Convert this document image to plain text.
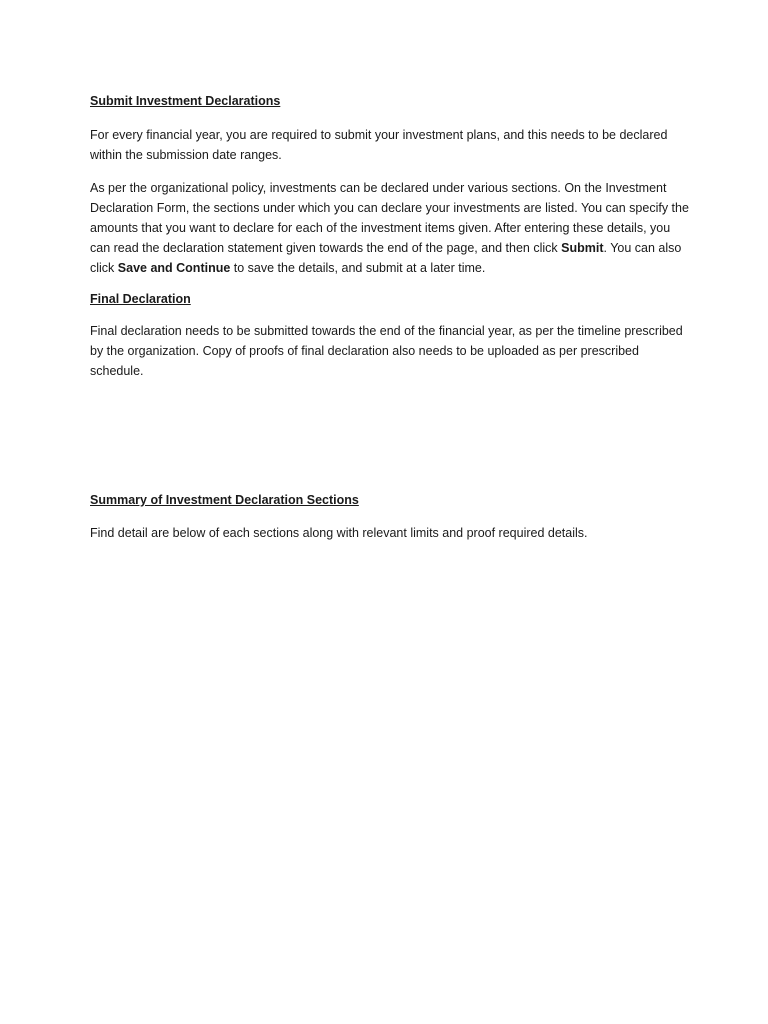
Submit Investment Declarations

For every financial year, you are required to submit your investment plans, and this needs to be declared within the submission date ranges.

As per the organizational policy, investments can be declared under various sections. On the Investment Declaration Form, the sections under which you can declare your investments are listed. You can specify the amounts that you want to declare for each of the investment items given. After entering these details, you can read the declaration statement given towards the end of the page, and then click Submit. You can also click Save and Continue to save the details, and submit at a later time.

Final Declaration

Final declaration needs to be submitted towards the end of the financial year, as per the timeline prescribed by the organization. Copy of proofs of final declaration also needs to be uploaded as per prescribed schedule.

Summary of Investment Declaration Sections

Find detail are below of each sections along with relevant limits and proof required details.
